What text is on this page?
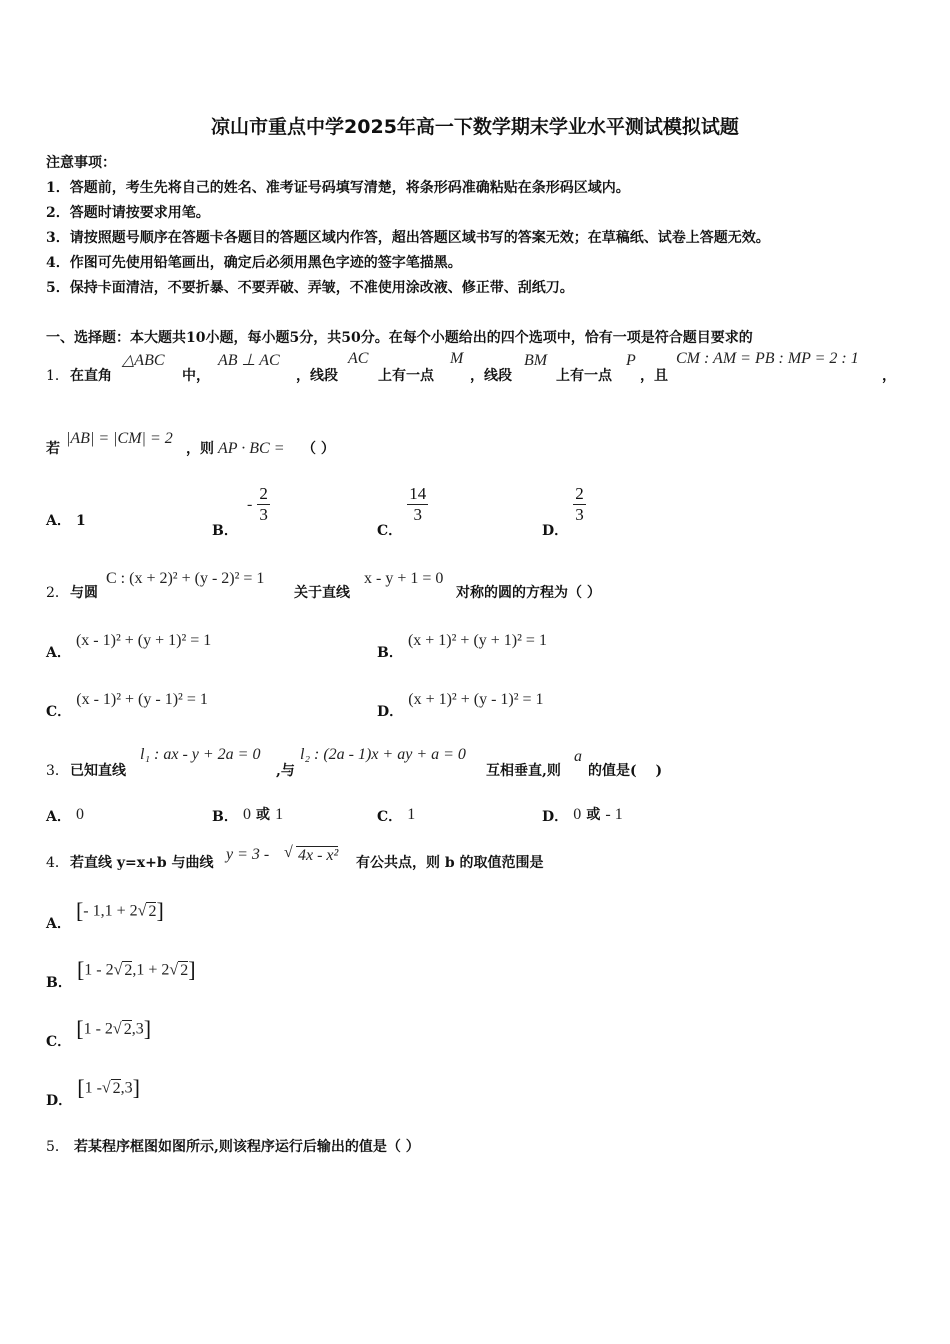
凉山市重点中学2025年高一下数学期末学业水平测试模拟试题
注意事项：
1．答题前，考生先将自己的姓名、准考证号码填写清楚，将条形码准确粘贴在条形码区域内。
2．答题时请按要求用笔。
3．请按照题号顺序在答题卡各题目的答题区域内作答，超出答题区域书写的答案无效；在草稿纸、试卷上答题无效。
4．作图可先使用铅笔画出，确定后必须用黑色字迹的签字笔描黑。
5．保持卡面清洁，不要折暴、不要弄破、弄皱，不准使用涂改液、修正带、刮纸刀。
一、选择题：本大题共10小题，每小题5分，共50分。在每个小题给出的四个选项中，恰有一项是符合题目要求的
1． 在直角
△ABC
中，
AB ⊥ AC
，线段
AC
上有一点
M
，线段
BM
上有一点
P
，且
CM : AM = PB : MP = 2 : 1
，
若
|AB| = |CM| = 2
，则 AP · BC = （ ）
A． 1
B． - $\frac{2}{3}$
C．
$\frac{14}{3}$
D．
$\frac{2}{3}$
2． 与圆
C : (x + 2)² + (y - 2)² = 1
关于直线
x - y + 1 = 0
对称的圆的方程为（ ）
A． (x - 1)² + (y + 1)² = 1
B． (x + 1)² + (y + 1)² = 1
C． (x - 1)² + (y - 1)² = 1
D． (x + 1)² + (y - 1)² = 1
3． 已知直线
l₁ : ax - y + 2a = 0
,与
l₂ : (2a - 1)x + ay + a = 0
互相垂直,则
a
的值是(　 )
A． 0	B． 0 或 1	C． 1	D． 0 或 - 1
4． 若直线 y=x+b 与曲线 y = 3 - 4x - x²
√
有公共点，则 b 的取值范围是
A． [- 1,1 + 2√ 2]
B． [1 - 2√ 2,1 + 2√ 2]
C． [1 - 2√ 2,3]
D． [1 -√ 2,3]
5． 若某程序框图如图所示,则该程序运行后输出的值是（ ）
